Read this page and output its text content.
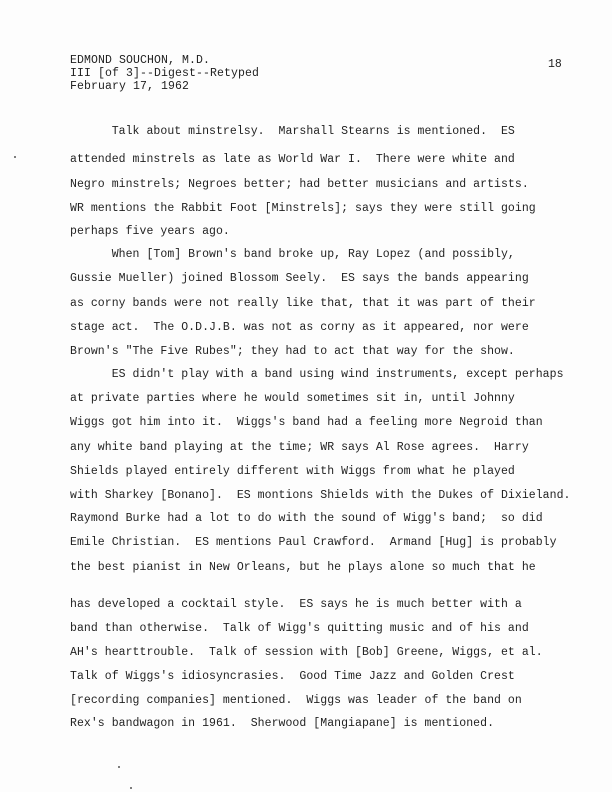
EDMOND SOUCHON, M.D.
III [of 3]--Digest--Retyped
February 17, 1962
18
Talk about minstrelsy.  Marshall Stearns is mentioned.  ES
attended minstrels as late as World War I.  There were white and
Negro minstrels; Negroes better; had better musicians and artists.
WR mentions the Rabbit Foot [Minstrels]; says they were still going
perhaps five years ago.
When [Tom] Brown's band broke up, Ray Lopez (and possibly,
Gussie Mueller) joined Blossom Seely.  ES says the bands appearing
as corny bands were not really like that, that it was part of their
stage act.  The O.D.J.B. was not as corny as it appeared, nor were
Brown's "The Five Rubes"; they had to act that way for the show.
ES didn't play with a band using wind instruments, except perhaps
at private parties where he would sometimes sit in, until Johnny
Wiggs got him into it.  Wiggs's band had a feeling more Negroid than
any white band playing at the time; WR says Al Rose agrees.  Harry
Shields played entirely different with Wiggs from what he played
with Sharkey [Bonano].  ES montions Shields with the Dukes of Dixieland.
Raymond Burke had a lot to do with the sound of Wigg's band;  so did
Emile Christian.  ES mentions Paul Crawford.  Armand [Hug] is probably
the best pianist in New Orleans, but he plays alone so much that he
has developed a cocktail style.  ES says he is much better with a
band than otherwise.  Talk of Wigg's quitting music and of his and
AH's hearttrouble.  Talk of session with [Bob] Greene, Wiggs, et al.
Talk of Wiggs's idiosyncrasies.  Good Time Jazz and Golden Crest
[recording companies] mentioned.  Wiggs was leader of the band on
Rex's bandwagon in 1961.  Sherwood [Mangiapane] is mentioned.
